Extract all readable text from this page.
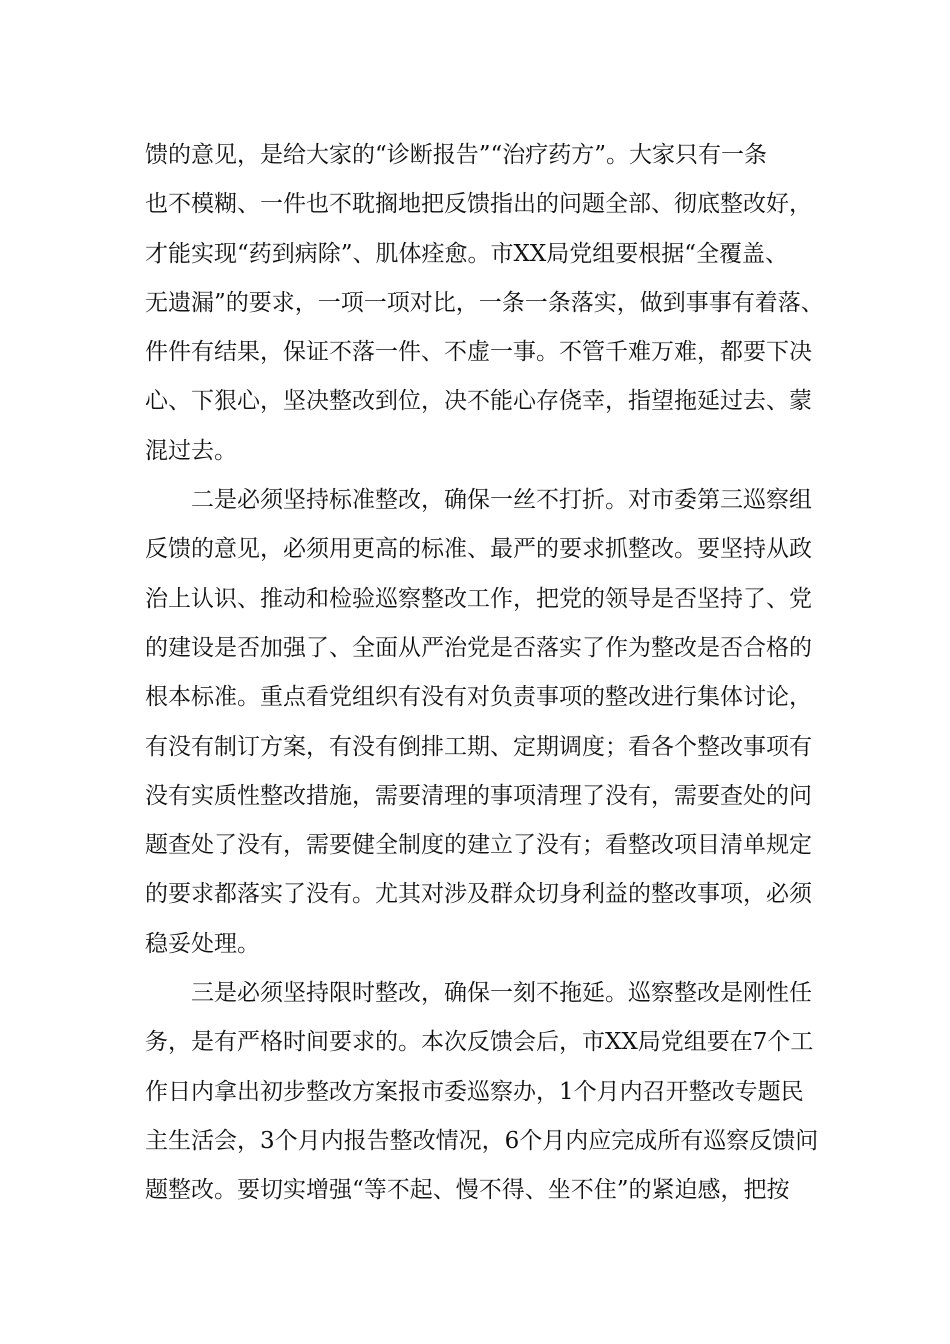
馈的意见，是给大家的“诊断报告”“治疗药方”。大家只有一条
也不模糊、一件也不耽搁地把反馈指出的问题全部、彻底整改好，
才能实现“药到病除”、肌体痊愈。市XX局党组要根据“全覆盖、
无遗漏”的要求，一项一项对比，一条一条落实，做到事事有着落、
件件有结果，保证不落一件、不虚一事。不管千难万难，都要下决
心、下狠心，坚决整改到位，决不能心存侥幸，指望拖延过去、蒙
混过去。
二是必须坚持标准整改，确保一丝不打折。对市委第三巡察组
反馈的意见，必须用更高的标准、最严的要求抓整改。要坚持从政
治上认识、推动和检验巡察整改工作，把党的领导是否坚持了、党
的建设是否加强了、全面从严治党是否落实了作为整改是否合格的
根本标准。重点看党组织有没有对负责事项的整改进行集体讨论，
有没有制订方案，有没有倒排工期、定期调度；看各个整改事项有
没有实质性整改措施，需要清理的事项清理了没有，需要查处的问
题查处了没有，需要健全制度的建立了没有；看整改项目清单规定
的要求都落实了没有。尤其对涉及群众切身利益的整改事项，必须
稳妥处理。
三是必须坚持限时整改，确保一刻不拖延。巡察整改是刚性任
务，是有严格时间要求的。本次反馈会后，市XX局党组要在7个工
作日内拿出初步整改方案报市委巡察办，1个月内召开整改专题民
主生活会，3个月内报告整改情况，6个月内应完成所有巡察反馈问
题整改。要切实增强“等不起、慢不得、坐不住”的紧迫感，把按
